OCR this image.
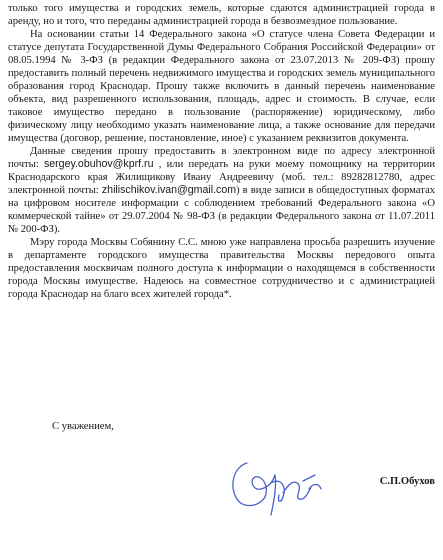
только того имущества и городских земель, которые сдаются администрацией города в аренду, но и того, что переданы администрацией города в безвозмездное пользование.

На основании статьи 14 Федерального закона «О статусе члена Совета Федерации и статусе депутата Государственной Думы Федерального Собрания Российской Федерации» от 08.05.1994 № 3-ФЗ (в редакции Федерального закона от 23.07.2013 № 209-ФЗ) прошу предоставить полный перечень недвижимого имущества и городских земель муниципального образования город Краснодар. Прошу также включить в данный перечень наименование объекта, вид разрешенного использования, площадь, адрес и стоимость. В случае, если таковое имущество передано в пользование (распоряжение) юридическому, либо физическому лицу необходимо указать наименование лица, а также основание для передачи имущества (договор, решение, постановление, иное) с указанием реквизитов документа.

Данные сведения прошу предоставить в электронном виде по адресу электронной почты: sergey.obuhov@kprf.ru , или передать на руки моему помощнику на территории Краснодарского края Жилищикову Ивану Андреевичу (моб. тел.: 89282812780, адрес электронной почты: zhilischikov.ivan@gmail.com) в виде записи в общедоступных форматах на цифровом носителе информации с соблюдением требований Федерального закона «О коммерческой тайне» от 29.07.2004 № 98-ФЗ (в редакции Федерального закона от 11.07.2011 № 200-ФЗ).

Мэру города Москвы Собянину С.С. мною уже направлена просьба разрешить изучение в департаменте городского имущества правительства Москвы передового опыта предоставления москвичам полного доступа к информации о находящемся в собственности города Москвы имуществе. Надеюсь на совместное сотрудничество и с администрацией города Краснодар на благо всех жителей города*.

С уважением,

С.П.Обухов
